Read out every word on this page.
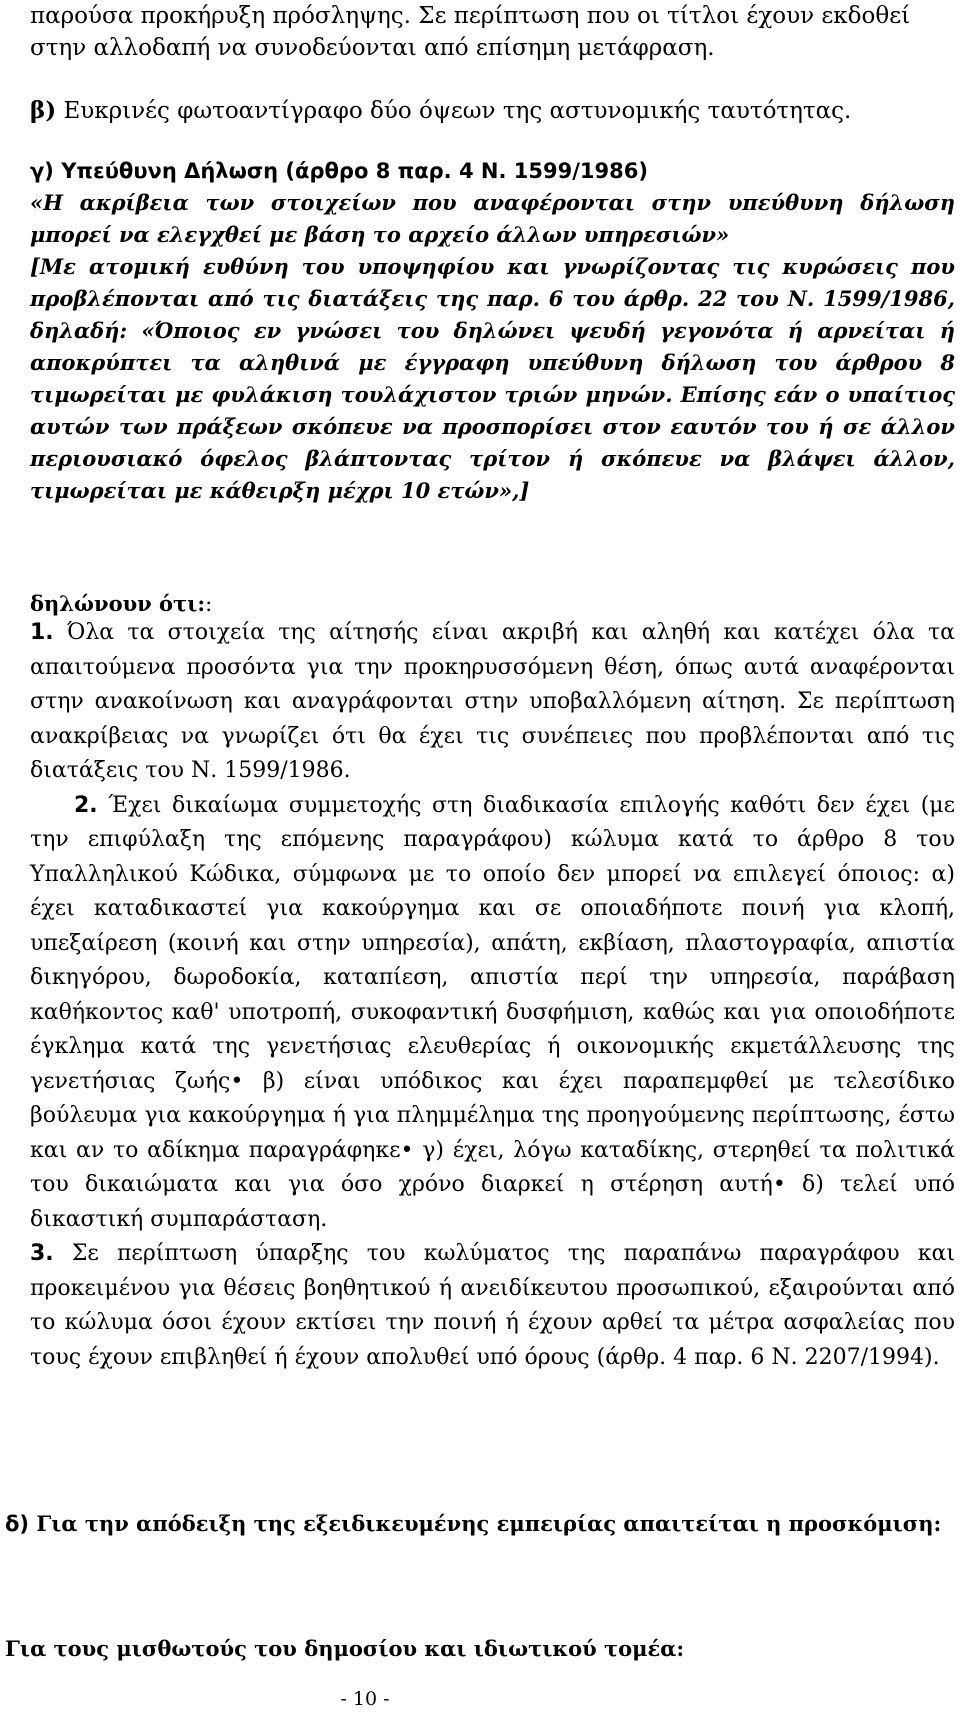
παρούσα προκήρυξη πρόσληψης. Σε περίπτωση που οι τίτλοι έχουν εκδοθεί στην αλλοδαπή να συνοδεύονται από επίσημη μετάφραση.

β) Ευκρινές φωτοαντίγραφο δύο όψεων της αστυνομικής ταυτότητας.

γ) Υπεύθυνη Δήλωση (άρθρο 8 παρ. 4 Ν. 1599/1986)
«Η ακρίβεια των στοιχείων που αναφέρονται στην υπεύθυνη δήλωση μπορεί να ελεγχθεί με βάση το αρχείο άλλων υπηρεσιών»
[Με ατομική ευθύνη του υποψηφίου και γνωρίζοντας τις κυρώσεις που προβλέπονται από τις διατάξεις της παρ. 6 του άρθρ. 22 του Ν. 1599/1986, δηλαδή: «Όποιος εν γνώσει του δηλώνει ψευδή γεγονότα ή αρνείται ή αποκρύπτει τα αληθινά με έγγραφη υπεύθυνη δήλωση του άρθρου 8 τιμωρείται με φυλάκιση τουλάχιστον τριών μηνών. Επίσης εάν ο υπαίτιος αυτών των πράξεων σκόπευε να προσπορίσει στον εαυτόν του ή σε άλλον περιουσιακό όφελος βλάπτοντας τρίτον ή σκόπευε να βλάψει άλλον, τιμωρείται με κάθειρξη μέχρι 10 ετών»,]
δηλώνουν ότι::

1. Όλα τα στοιχεία της αίτησής είναι ακριβή και αληθή και κατέχει όλα τα απαιτούμενα προσόντα για την προκηρυσσόμενη θέση, όπως αυτά αναφέρονται στην ανακοίνωση και αναγράφονται στην υποβαλλόμενη αίτηση. Σε περίπτωση ανακρίβειας να γνωρίζει ότι θα έχει τις συνέπειες που προβλέπονται από τις διατάξεις του Ν. 1599/1986.

2. Έχει δικαίωμα συμμετοχής στη διαδικασία επιλογής καθότι δεν έχει (με την επιφύλαξη της επόμενης παραγράφου) κώλυμα κατά το άρθρο 8 του Υπαλληλικού Κώδικα, σύμφωνα με το οποίο δεν μπορεί να επιλεγεί όποιος: α) έχει καταδικαστεί για κακούργημα και σε οποιαδήποτε ποινή για κλοπή, υπεξαίρεση (κοινή και στην υπηρεσία), απάτη, εκβίαση, πλαστογραφία, απιστία δικηγόρου, δωροδοκία, καταπίεση, απιστία περί την υπηρεσία, παράβαση καθήκοντος καθ' υποτροπή, συκοφαντική δυσφήμιση, καθώς και για οποιοδήποτε έγκλημα κατά της γενετήσιας ελευθερίας ή οικονομικής εκμετάλλευσης της γενετήσιας ζωής• β) είναι υπόδικος και έχει παραπεμφθεί με τελεσίδικο βούλευμα για κακούργημα ή για πλημμέλημα της προηγούμενης περίπτωσης, έστω και αν το αδίκημα παραγράφηκε• γ) έχει, λόγω καταδίκης, στερηθεί τα πολιτικά του δικαιώματα και για όσο χρόνο διαρκεί η στέρηση αυτή• δ) τελεί υπό δικαστική συμπαράσταση.

3. Σε περίπτωση ύπαρξης του κωλύματος της παραπάνω παραγράφου και προκειμένου για θέσεις βοηθητικού ή ανειδίκευτου προσωπικού, εξαιρούνται από το κώλυμα όσοι έχουν εκτίσει την ποινή ή έχουν αρθεί τα μέτρα ασφαλείας που τους έχουν επιβληθεί ή έχουν απολυθεί υπό όρους (άρθρ. 4 παρ. 6 Ν. 2207/1994).

δ) Για την απόδειξη της εξειδικευμένης εμπειρίας απαιτείται η προσκόμιση:
Για τους μισθωτούς του δημοσίου και ιδιωτικού τομέα:
- 10 -
